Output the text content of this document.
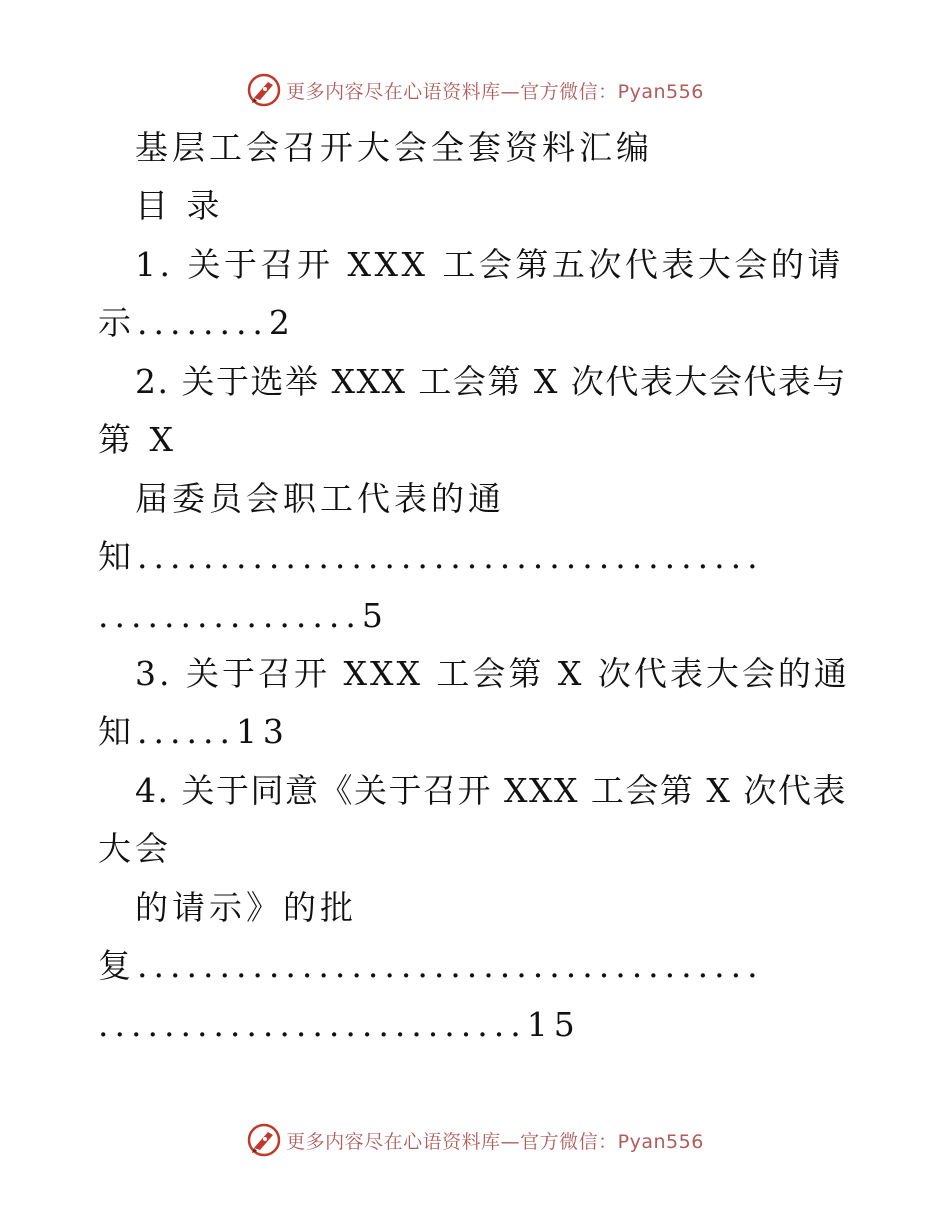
更多内容尽在心语资料库—官方微信：Pyan556
基层工会召开大会全套资料汇编
目 录
1. 关于召开 XXX 工会第五次代表大会的请
示........2
2. 关于选举 XXX 工会第 X 次代表大会代表与
第 X
届委员会职工代表的通
知......................................
................5
3. 关于召开 XXX 工会第 X 次代表大会的通
知......13
4. 关于同意《关于召开 XXX 工会第 X 次代表
大会
的请示》的批
复......................................
..........................15
更多内容尽在心语资料库—官方微信：Pyan556
